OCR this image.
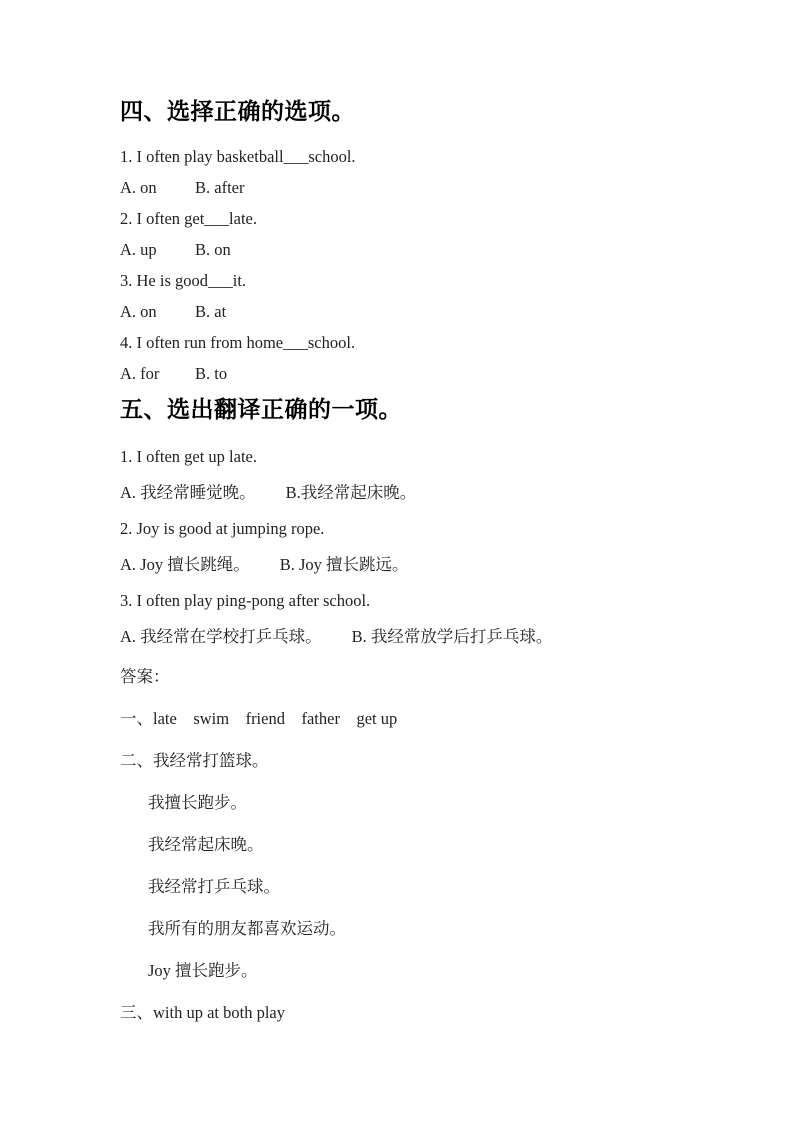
四、选择正确的选项。

1. I often play basketball___school.

A. on B. after

2. I often get___late.

A. up B. on

3. He is good___it.

A. on B. at

4. I often run from home___school.

A. for B. to

五、选出翻译正确的一项。

1. I often get up late.

A. 我经常睡觉晚。 B.我经常起床晚。

2. Joy is good at jumping rope.

A. Joy 擅长跳绳。 B. Joy 擅长跳远。

3. I often play ping-pong after school.

A. 我经常在学校打乒乓球。 B. 我经常放学后打乒乓球。

答案：

一、late    swim    friend    father    get up

二、我经常打篮球。

我擅长跑步。

我经常起床晚。

我经常打乒乓球。

我所有的朋友都喜欢运动。

Joy 擅长跑步。

三、with up at both play
